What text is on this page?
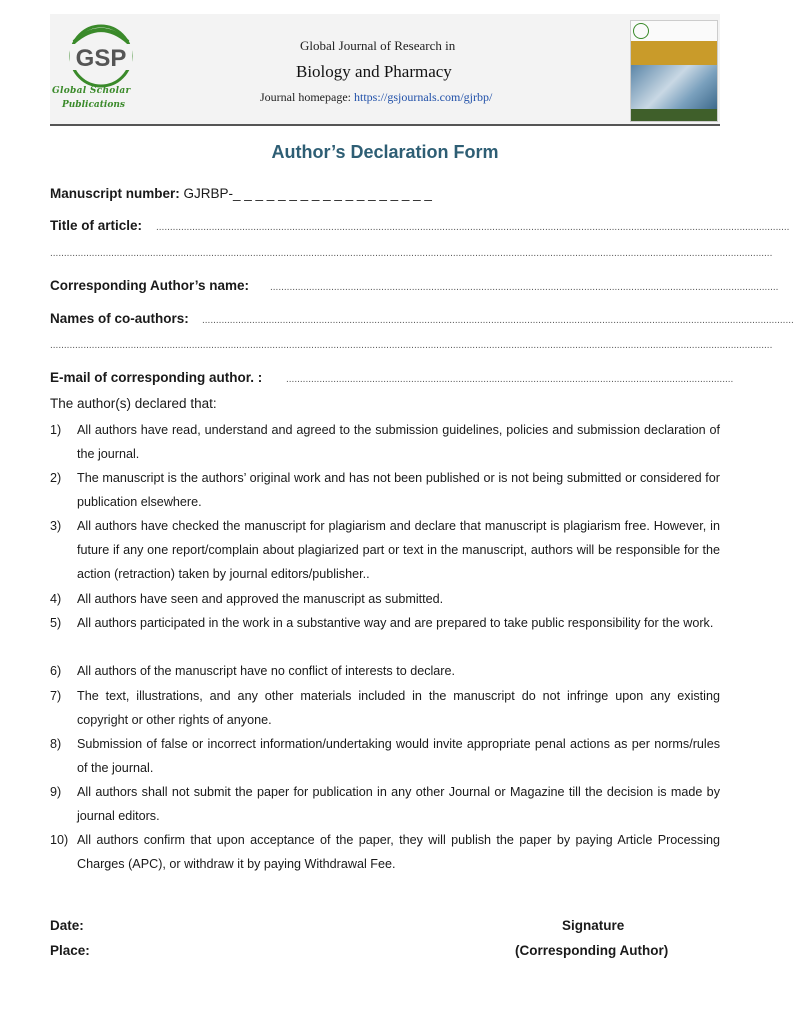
GSP
Global Scholar
Publications
Global Journal of Research in
Biology and Pharmacy
Journal homepage: https://gsjournals.com/gjrbp/
Author’s Declaration Form
Manuscript number: GJRBP-_ _ _ _ _ _ _ _ _ _ _ _ _ _ _ _ _ _
Title of article: ....................................................................................................................................................................................................................................
....................................................................................................................................................................................................................................................................
Corresponding Author’s name: .......................................................................................................................................................................................
Names of co-authors: .....................................................................................................................................................................................................................
....................................................................................................................................................................................................................................................................
E-mail of corresponding author. : .................................................................................................................................................................
The author(s) declared that:
1) All authors have read, understand and agreed to the submission guidelines, policies and submission declaration of the journal.
2) The manuscript is the authors’ original work and has not been published or is not being submitted or considered for publication elsewhere.
3) All authors have checked the manuscript for plagiarism and declare that manuscript is plagiarism free. However, in future if any one report/complain about plagiarized part or text in the manuscript, authors will be responsible for the action (retraction) taken by journal editors/publisher..
4) All authors have seen and approved the manuscript as submitted.
5) All authors participated in the work in a substantive way and are prepared to take public responsibility for the work.
6) All authors of the manuscript have no conflict of interests to declare.
7) The text, illustrations, and any other materials included in the manuscript do not infringe upon any existing copyright or other rights of anyone.
8) Submission of false or incorrect information/undertaking would invite appropriate penal actions as per norms/rules of the journal.
9) All authors shall not submit the paper for publication in any other Journal or Magazine till the decision is made by journal editors.
10) All authors confirm that upon acceptance of the paper, they will publish the paper by paying Article Processing Charges (APC), or withdraw it by paying Withdrawal Fee.
Date:
Place:
Signature
(Corresponding Author)
